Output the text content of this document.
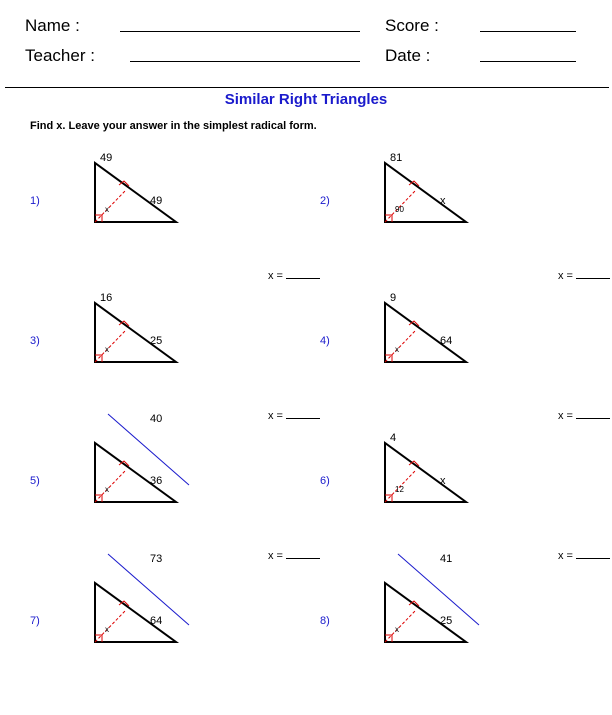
Name :
Teacher :
Score :
Date :
Similar Right Triangles
Find x. Leave your answer in the simplest radical form.
1)
49
49
x
x =
2)
81
x
90
x =
3)
16
25
x
x =
4)
9
64
x
x =
5)
40
36
x
x =
6)
4
x
12
x =
7)
73
64
x
8)
41
25
x
